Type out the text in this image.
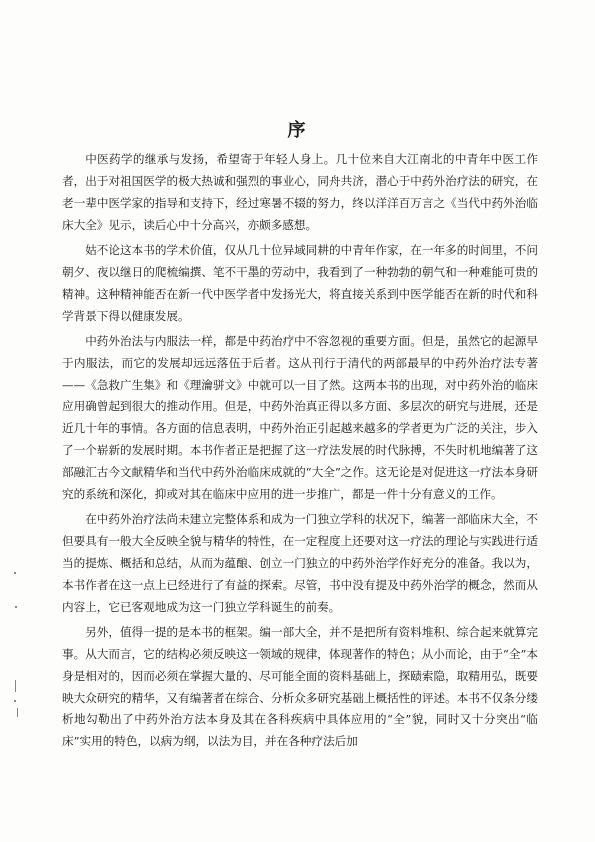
序

中医药学的继承与发扬，希望寄于年轻人身上。几十位来自大江南北的中青年中医工作者，出于对祖国医学的极大热诚和强烈的事业心，同舟共济，潜心于中药外治疗法的研究，在老一辈中医学家的指导和支持下，经过寒暑不辍的努力，终以洋洋百万言之《当代中药外治临床大全》见示，读后心中十分高兴，亦颇多感想。

姑不论这本书的学术价值，仅从几十位异域同耕的中青年作家，在一年多的时间里，不问朝夕、夜以继日的爬梳编撰、笔不干墨的劳动中，我看到了一种勃勃的朝气和一种难能可贵的精神。这种精神能否在新一代中医学者中发扬光大，将直接关系到中医学能否在新的时代和科学背景下得以健康发展。

中药外治法与内服法一样，都是中药治疗中不容忽视的重要方面。但是，虽然它的起源早于内服法，而它的发展却远远落伍于后者。这从刊行于清代的两部最早的中药外治疗法专著——《急救广生集》和《理瀹骈文》中就可以一目了然。这两本书的出现，对中药外治的临床应用确曾起到很大的推动作用。但是，中药外治真正得以多方面、多层次的研究与进展，还是近几十年的事情。各方面的信息表明，中药外治正引起越来越多的学者更为广泛的关注，步入了一个崭新的发展时期。本书作者正是把握了这一疗法发展的时代脉搏，不失时机地编著了这部融汇古今文献精华和当代中药外治临床成就的“大全”之作。这无论是对促进这一疗法本身研究的系统和深化，抑或对其在临床中应用的进一步推广，都是一件十分有意义的工作。

在中药外治疗法尚未建立完整体系和成为一门独立学科的状况下，编著一部临床大全，不但要具有一般大全反映全貌与精华的特性，在一定程度上还要对这一疗法的理论与实践进行适当的提炼、概括和总结，从而为蕴酿、创立一门独立的中药外治学作好充分的准备。我以为，本书作者在这一点上已经进行了有益的探索。尽管，书中没有提及中药外治学的概念，然而从内容上，它已客观地成为这一门独立学科诞生的前奏。

另外，值得一提的是本书的框架。编一部大全，并不是把所有资料堆积、综合起来就算完事。从大而言，它的结构必须反映这一领域的规律，体现著作的特色；从小而论，由于“全”本身是相对的，因而必须在掌握大量的、尽可能全面的资料基础上，探赜索隐，取精用弘，既要映大众研究的精华，又有编著者在综合、分析众多研究基础上概括性的评述。本书不仅条分缕析地勾勒出了中药外治方法本身及其在各科疾病中具体应用的“全”貌，同时又十分突出“临床”实用的特色，以病为纲，以法为目，并在各种疗法后加
